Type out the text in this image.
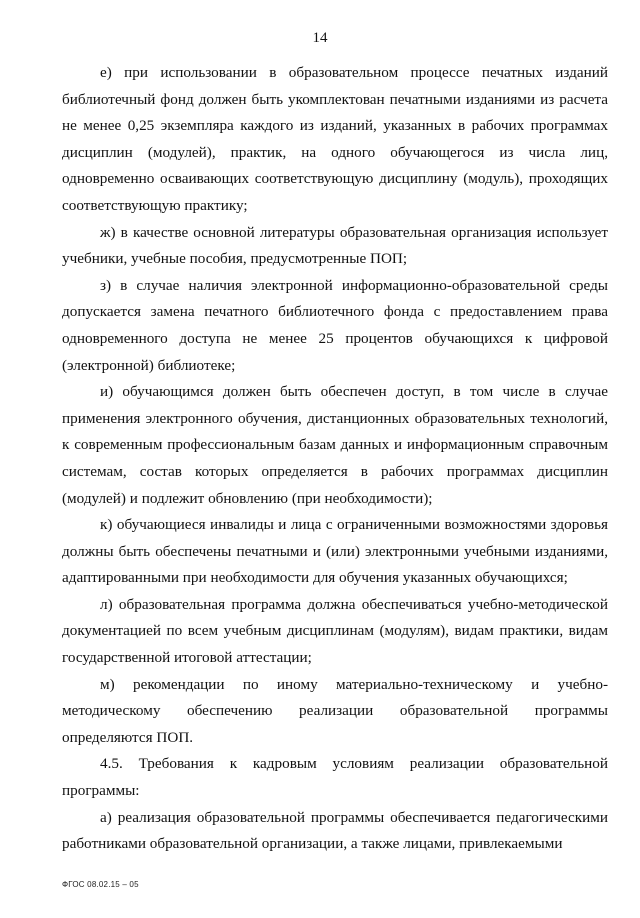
14

е) при использовании в образовательном процессе печатных изданий библиотечный фонд должен быть укомплектован печатными изданиями из расчета не менее 0,25 экземпляра каждого из изданий, указанных в рабочих программах дисциплин (модулей), практик, на одного обучающегося из числа лиц, одновременно осваивающих соответствующую дисциплину (модуль), проходящих соответствующую практику;

ж) в качестве основной литературы образовательная организация использует учебники, учебные пособия, предусмотренные ПОП;

з) в случае наличия электронной информационно-образовательной среды допускается замена печатного библиотечного фонда с предоставлением права одновременного доступа не менее 25 процентов обучающихся к цифровой (электронной) библиотеке;

и) обучающимся должен быть обеспечен доступ, в том числе в случае применения электронного обучения, дистанционных образовательных технологий, к современным профессиональным базам данных и информационным справочным системам, состав которых определяется в рабочих программах дисциплин (модулей) и подлежит обновлению (при необходимости);

к) обучающиеся инвалиды и лица с ограниченными возможностями здоровья должны быть обеспечены печатными и (или) электронными учебными изданиями, адаптированными при необходимости для обучения указанных обучающихся;

л) образовательная программа должна обеспечиваться учебно-методической документацией по всем учебным дисциплинам (модулям), видам практики, видам государственной итоговой аттестации;

м) рекомендации по иному материально-техническому и учебно-методическому обеспечению реализации образовательной программы определяются ПОП.

4.5. Требования к кадровым условиям реализации образовательной программы:

а) реализация образовательной программы обеспечивается педагогическими работниками образовательной организации, а также лицами, привлекаемыми

ФГОС 08.02.15 – 05
